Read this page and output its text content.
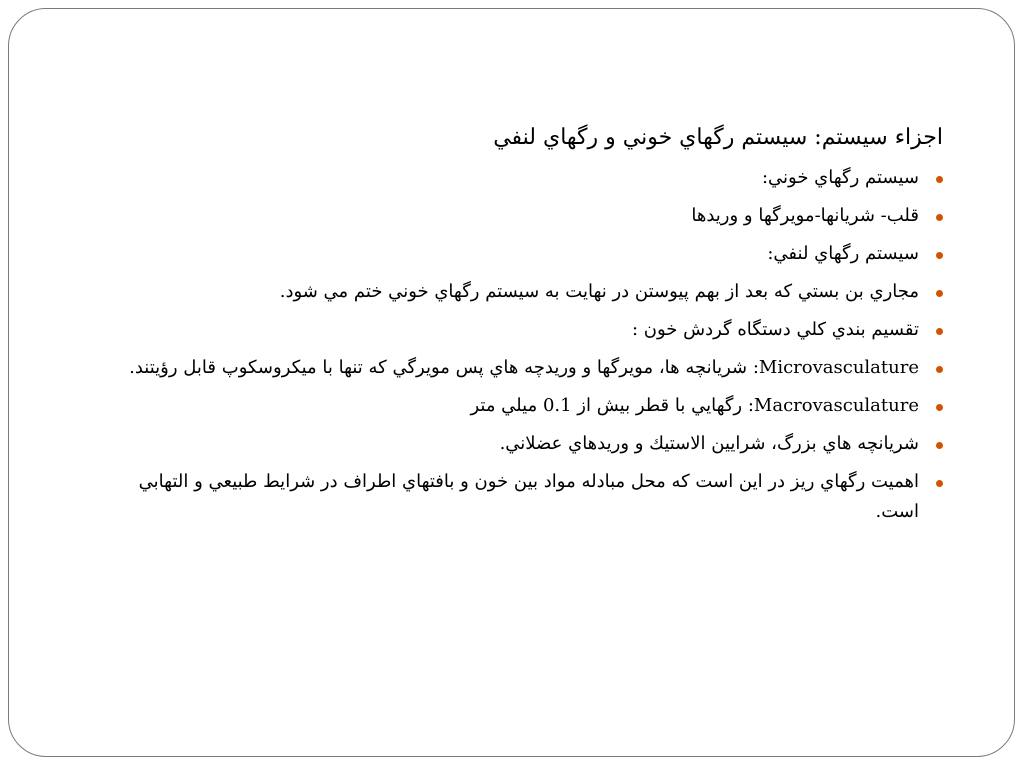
اجزاء سيستم: سيستم رگهاي خوني و رگهاي لنفي
سيستم رگهاي خوني:
قلب- شريانها-مويرگها و وريدها
سيستم رگهاي لنفي:
مجاري بن بستي كه بعد از بهم پيوستن در نهايت به سيستم رگهاي خوني ختم مي شود.
تقسيم بندي كلي دستگاه گردش خون :
Microvasculature: شريانچه ها، مويرگها و وريدچه هاي پس مويرگي كه تنها با ميكروسكوپ قابل رؤيتند.
Macrovasculature: رگهايي با قطر بيش از 0.1 ميلي متر
شريانچه هاي بزرگ، شرايين الاستيك و وريدهاي عضلاني.
اهميت رگهاي ريز در اين است كه محل مبادله مواد بين خون و بافتهاي اطراف در شرايط طبيعي و التهابي است.
